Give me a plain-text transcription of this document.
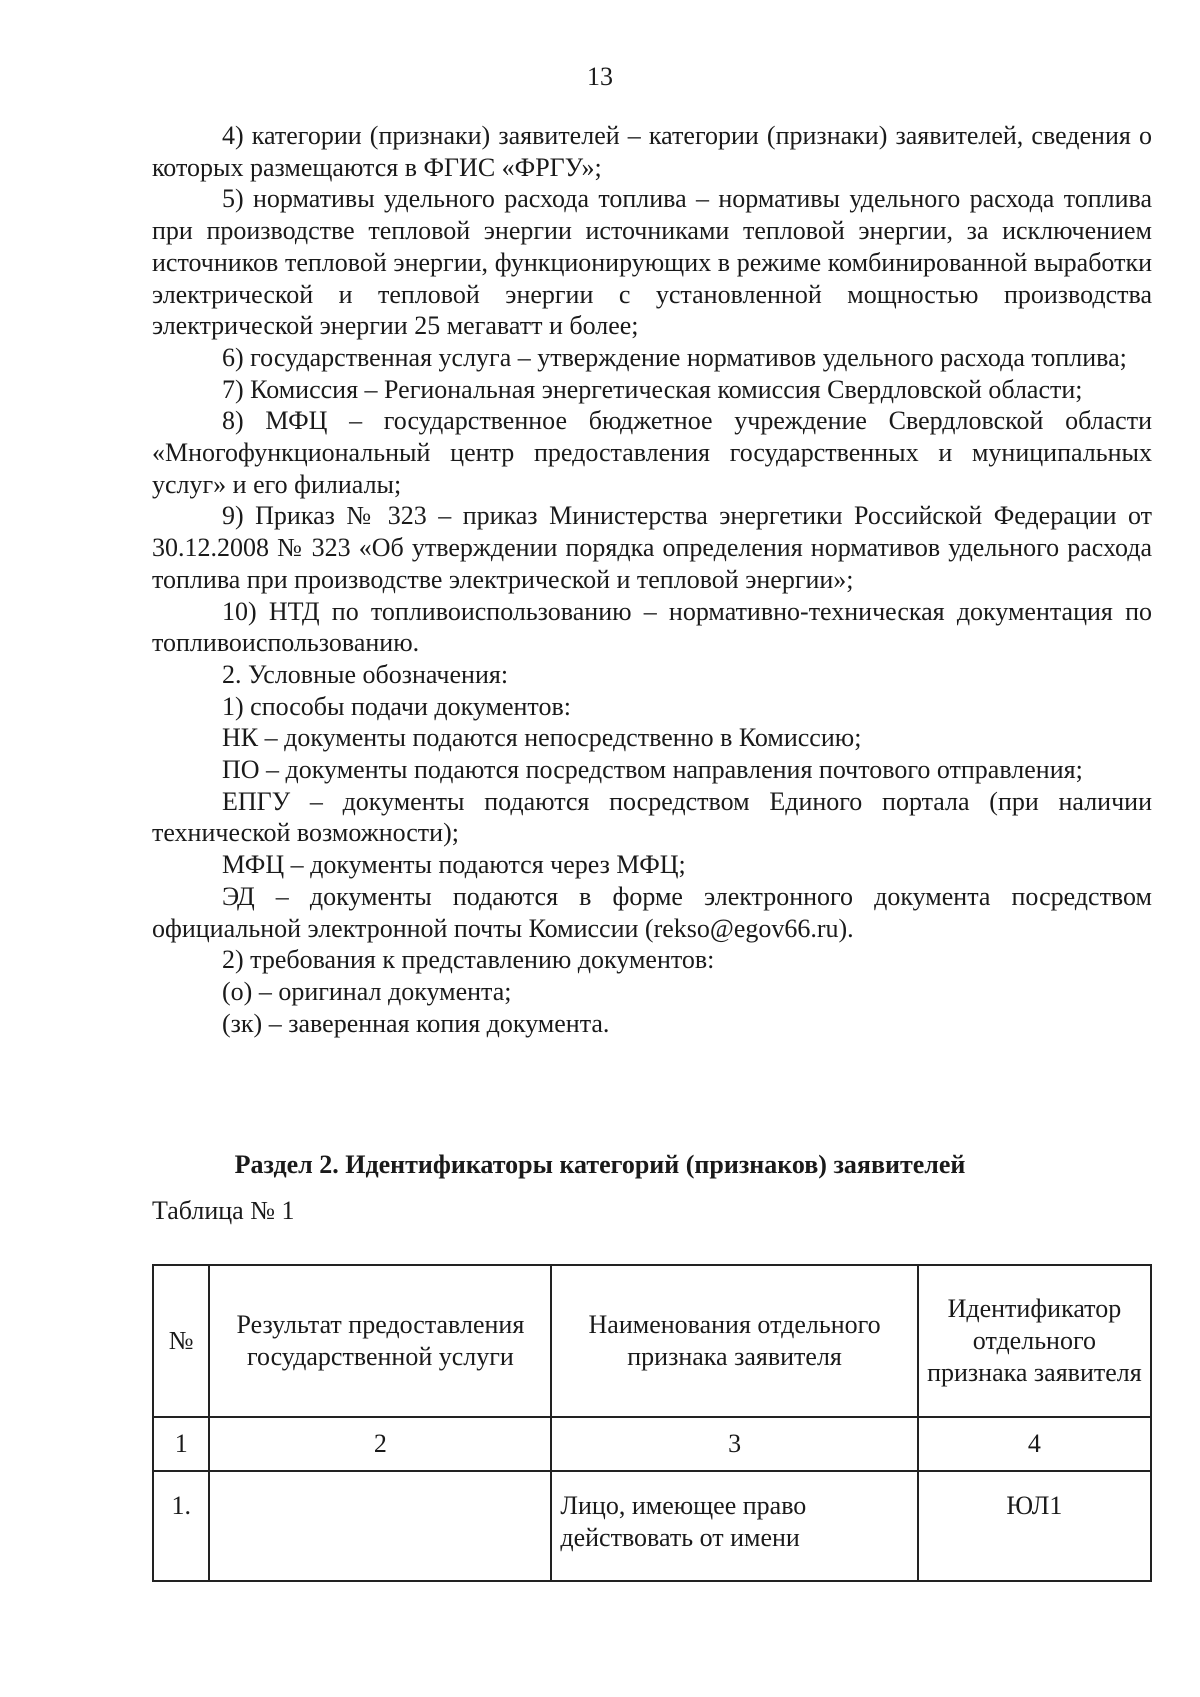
13

4) категории (признаки) заявителей – категории (признаки) заявителей, сведения о которых размещаются в ФГИС «ФРГУ»;

5) нормативы удельного расхода топлива – нормативы удельного расхода топлива при производстве тепловой энергии источниками тепловой энергии, за исключением источников тепловой энергии, функционирующих в режиме комбинированной выработки электрической и тепловой энергии с установленной мощностью производства электрической энергии 25 мегаватт и более;

6) государственная услуга – утверждение нормативов удельного расхода топлива;

7) Комиссия – Региональная энергетическая комиссия Свердловской области;

8) МФЦ – государственное бюджетное учреждение Свердловской области «Многофункциональный центр предоставления государственных и муниципальных услуг» и его филиалы;

9) Приказ № 323 – приказ Министерства энергетики Российской Федерации от 30.12.2008 № 323 «Об утверждении порядка определения нормативов удельного расхода топлива при производстве электрической и тепловой энергии»;

10) НТД по топливоиспользованию – нормативно-техническая документация по топливоиспользованию.

2. Условные обозначения:

1) способы подачи документов:

НК – документы подаются непосредственно в Комиссию;

ПО – документы подаются посредством направления почтового отправления;

ЕПГУ – документы подаются посредством Единого портала (при наличии технической возможности);

МФЦ – документы подаются через МФЦ;

ЭД – документы подаются в форме электронного документа посредством официальной электронной почты Комиссии (rekso@egov66.ru).

2) требования к представлению документов:

(о) – оригинал документа;

(зк) – заверенная копия документа.

Раздел 2. Идентификаторы категорий (признаков) заявителей
Таблица № 1
№	Результат предоставления государственной услуги	Наименования отдельного признака заявителя	Идентификатор отдельного признака заявителя
1	2	3	4
1.		Лицо, имеющее право действовать от имени	ЮЛ1
